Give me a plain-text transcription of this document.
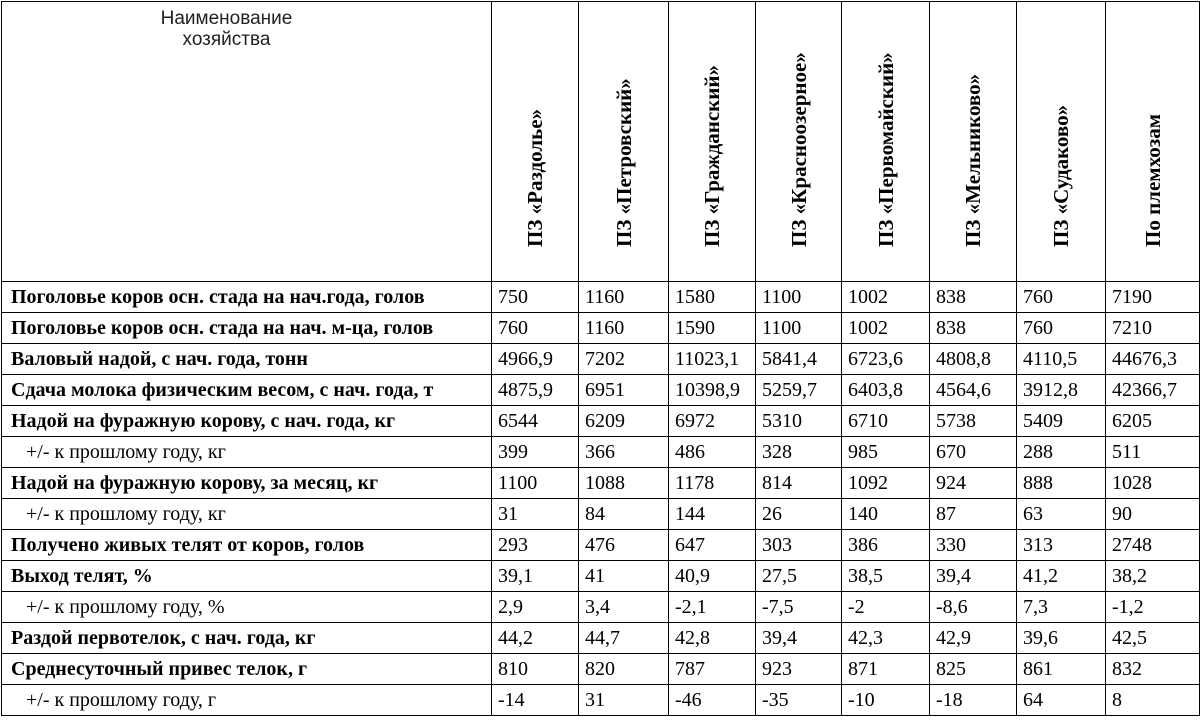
Наименование
хозяйства	ПЗ «Раздолье»	ПЗ «Петровский»	ПЗ «Гражданский»	ПЗ «Красноозерное»	ПЗ «Первомайский»	ПЗ «Мельниково»	ПЗ «Судаково»	По племхозам

Поголовье коров осн. стада на нач.года, голов	750	1160	1580	1100	1002	838	760	7190
Поголовье коров осн. стада на нач. м-ца, голов	760	1160	1590	1100	1002	838	760	7210
Валовый надой, с нач. года, тонн	4966,9	7202	11023,1	5841,4	6723,6	4808,8	4110,5	44676,3
Сдача молока физическим весом, с нач. года, т	4875,9	6951	10398,9	5259,7	6403,8	4564,6	3912,8	42366,7
Надой на фуражную корову, с нач. года, кг	6544	6209	6972	5310	6710	5738	5409	6205
+/- к прошлому году, кг	399	366	486	328	985	670	288	511
Надой на фуражную корову, за месяц, кг	1100	1088	1178	814	1092	924	888	1028
+/- к прошлому году, кг	31	84	144	26	140	87	63	90
Получено живых телят от коров, голов	293	476	647	303	386	330	313	2748
Выход телят, %	39,1	41	40,9	27,5	38,5	39,4	41,2	38,2
+/- к прошлому году, %	2,9	3,4	-2,1	-7,5	-2	-8,6	7,3	-1,2
Раздой первотелок, с нач. года, кг	44,2	44,7	42,8	39,4	42,3	42,9	39,6	42,5
Среднесуточный привес телок, г	810	820	787	923	871	825	861	832
+/- к прошлому году, г	-14	31	-46	-35	-10	-18	64	8
